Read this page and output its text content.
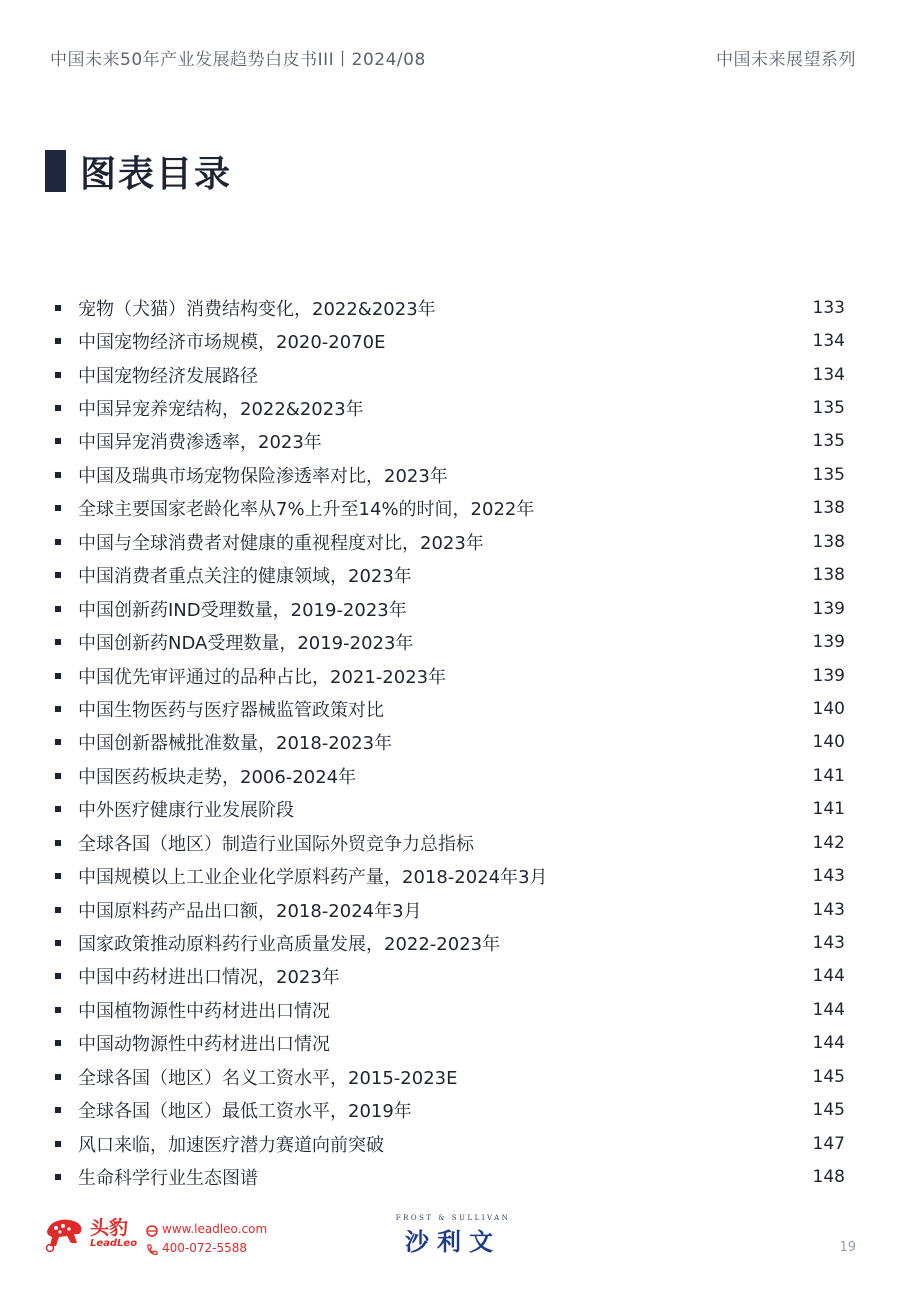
中国未来50年产业发展趋势白皮书III丨2024/08	中国未来展望系列
图表目录
宠物（犬猫）消费结构变化，2022&2023年	133
中国宠物经济市场规模，2020-2070E	134
中国宠物经济发展路径	134
中国异宠养宠结构，2022&2023年	135
中国异宠消费渗透率，2023年	135
中国及瑞典市场宠物保险渗透率对比，2023年	135
全球主要国家老龄化率从7%上升至14%的时间，2022年	138
中国与全球消费者对健康的重视程度对比，2023年	138
中国消费者重点关注的健康领域，2023年	138
中国创新药IND受理数量，2019-2023年	139
中国创新药NDA受理数量，2019-2023年	139
中国优先审评通过的品种占比，2021-2023年	139
中国生物医药与医疗器械监管政策对比	140
中国创新器械批准数量，2018-2023年	140
中国医药板块走势，2006-2024年	141
中外医疗健康行业发展阶段	141
全球各国（地区）制造行业国际外贸竞争力总指标	142
中国规模以上工业企业化学原料药产量，2018-2024年3月	143
中国原料药产品出口额，2018-2024年3月	143
国家政策推动原料药行业高质量发展，2022-2023年	143
中国中药材进出口情况，2023年	144
中国植物源性中药材进出口情况	144
中国动物源性中药材进出口情况	144
全球各国（地区）名义工资水平，2015-2023E	145
全球各国（地区）最低工资水平，2019年	145
风口来临，加速医疗潜力赛道向前突破	147
生命科学行业生态图谱	148
头豹
LeadLeo
www.leadleo.com
400-072-5588
FROST & SULLIVAN
沙利文	19
